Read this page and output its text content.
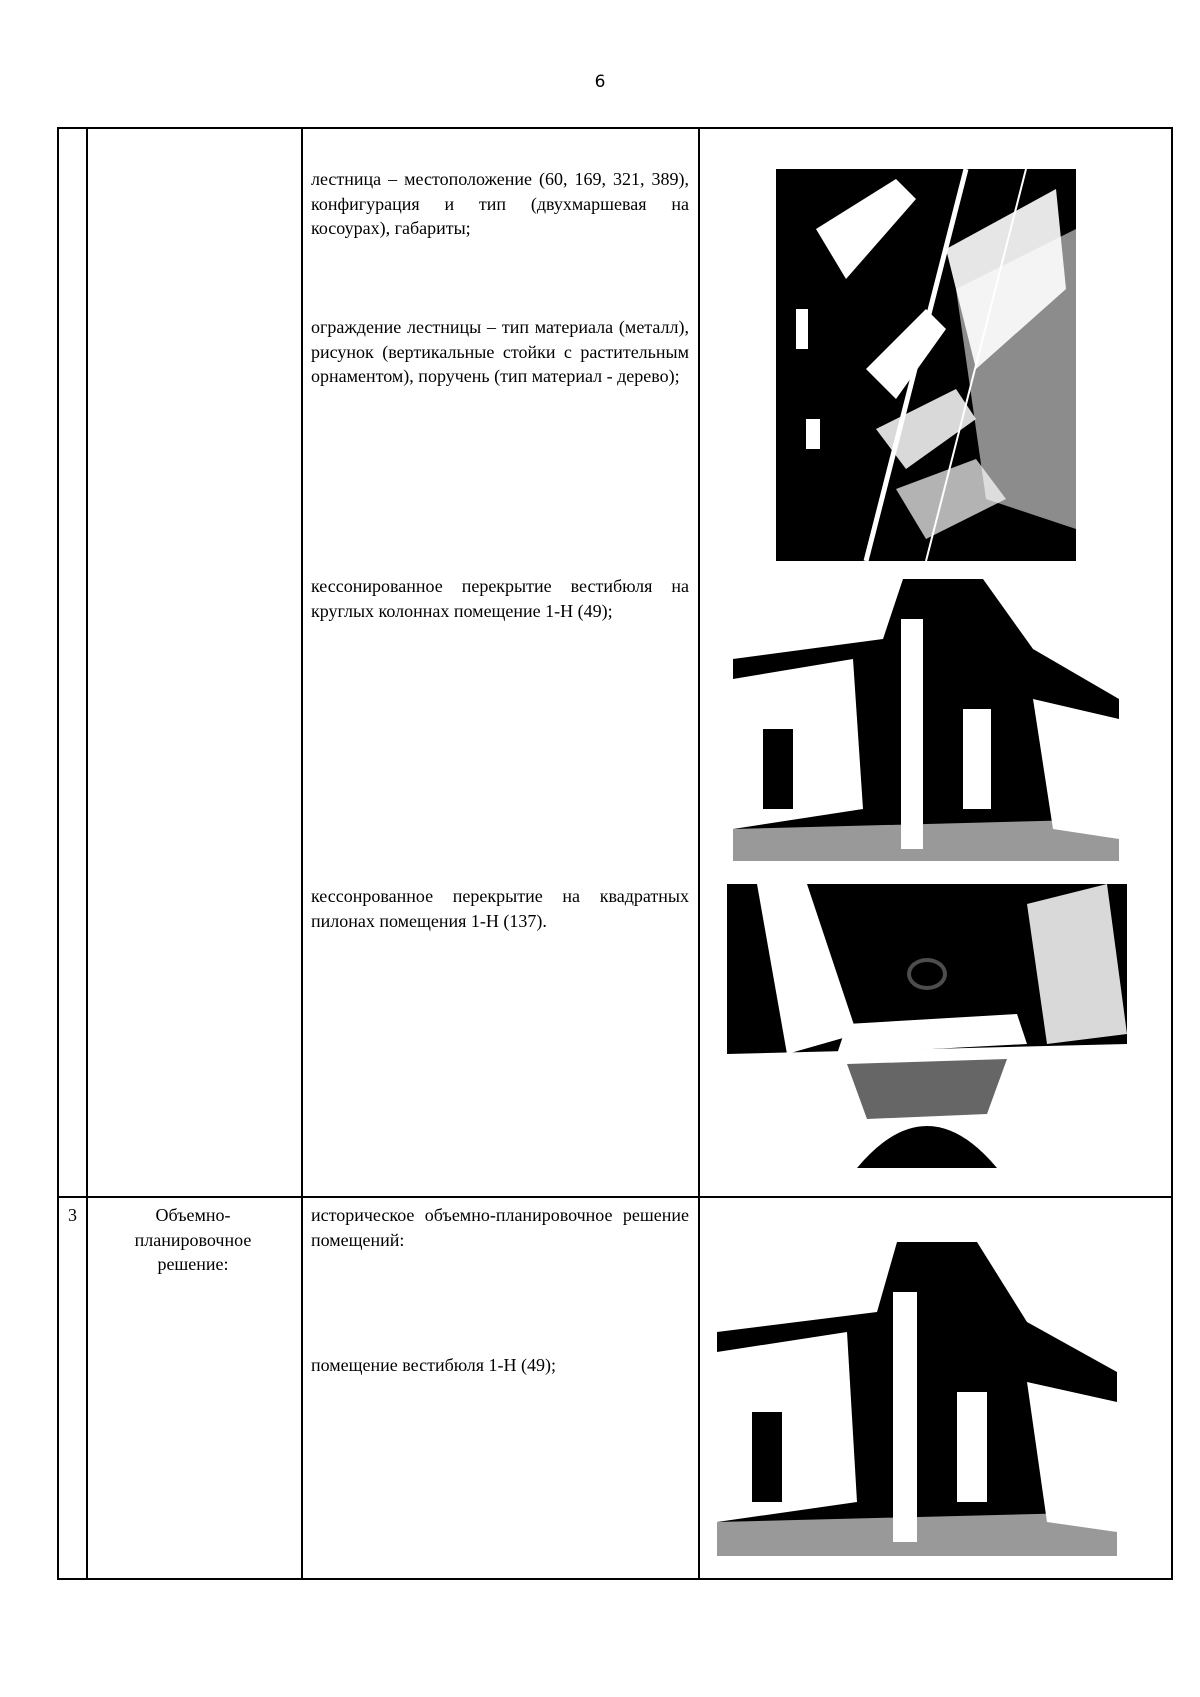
6
лестница – местоположение (60, 169, 321, 389), конфигурация и тип (двухмаршевая на косоурах), габариты;
ограждение лестницы – тип материала (металл), рисунок (вертикальные стойки с растительным орнаментом), поручень (тип материал - дерево);
кессонированное перекрытие вестибюля на круглых колоннах помещение 1-Н (49);
кессонрованное перекрытие на квадратных пилонах помещения 1-Н (137).
3	Объемно-планировочное решение:
историческое объемно-планировочное решение помещений:
помещение вестибюля 1-Н (49);
